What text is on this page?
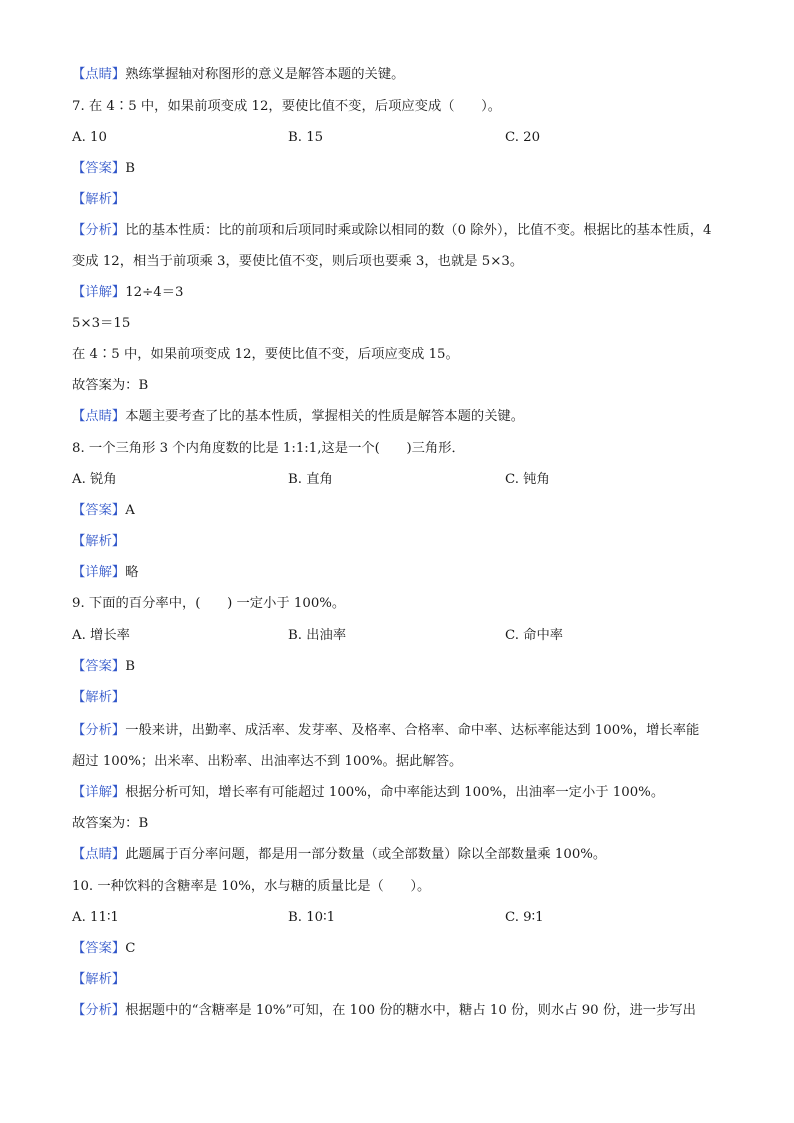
【点睛】熟练掌握轴对称图形的意义是解答本题的关键。
7. 在 4∶5 中，如果前项变成 12，要使比值不变，后项应变成（　　）。
A. 10	B. 15	C. 20
【答案】B
【解析】
【分析】比的基本性质：比的前项和后项同时乘或除以相同的数（0 除外），比值不变。根据比的基本性质，4
变成 12，相当于前项乘 3，要使比值不变，则后项也要乘 3，也就是 5×3。
【详解】12÷4＝3
5×3＝15
在 4∶5 中，如果前项变成 12，要使比值不变，后项应变成 15。
故答案为：B
【点睛】本题主要考查了比的基本性质，掌握相关的性质是解答本题的关键。
8. 一个三角形 3 个内角度数的比是 1:1:1,这是一个(　　)三角形．
A. 锐角	B. 直角	C. 钝角
【答案】A
【解析】
【详解】略
9. 下面的百分率中，(　　) 一定小于 100%。
A. 增长率	B. 出油率	C. 命中率
【答案】B
【解析】
【分析】一般来讲，出勤率、成活率、发芽率、及格率、合格率、命中率、达标率能达到 100%，增长率能
超过 100%；出米率、出粉率、出油率达不到 100%。据此解答。
【详解】根据分析可知，增长率有可能超过 100%，命中率能达到 100%，出油率一定小于 100%。
故答案为：B
【点睛】此题属于百分率问题，都是用一部分数量（或全部数量）除以全部数量乘 100%。
10. 一种饮料的含糖率是 10%，水与糖的质量比是（　　）。
A. 11∶1	B. 10∶1	C. 9∶1
【答案】C
【解析】
【分析】根据题中的“含糖率是 10%”可知，在 100 份的糖水中，糖占 10 份，则水占 90 份，进一步写出
